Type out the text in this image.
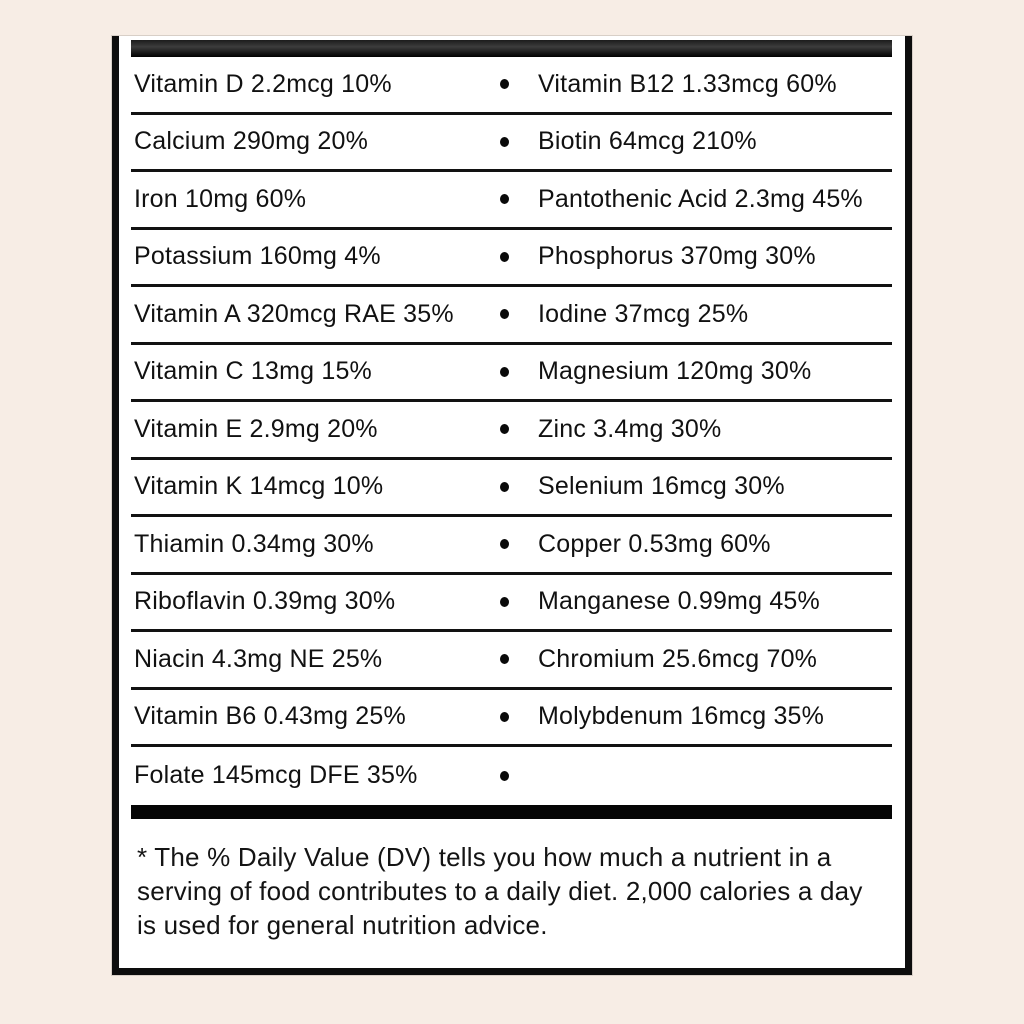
Vitamin D 2.2mcg 10%	Vitamin B12 1.33mcg 60%
Calcium 290mg 20%	Biotin 64mcg 210%
Iron 10mg 60%	Pantothenic Acid 2.3mg 45%
Potassium 160mg 4%	Phosphorus 370mg 30%
Vitamin A 320mcg RAE 35%	Iodine 37mcg 25%
Vitamin C 13mg 15%	Magnesium 120mg 30%
Vitamin E 2.9mg 20%	Zinc 3.4mg 30%
Vitamin K 14mcg 10%	Selenium 16mcg 30%
Thiamin 0.34mg 30%	Copper 0.53mg 60%
Riboflavin 0.39mg 30%	Manganese 0.99mg 45%
Niacin 4.3mg NE 25%	Chromium 25.6mcg 70%
Vitamin B6 0.43mg 25%	Molybdenum 16mcg 35%
Folate 145mcg DFE 35%

* The % Daily Value (DV) tells you how much a nutrient in a serving of food contributes to a daily diet. 2,000 calories a day is used for general nutrition advice.
